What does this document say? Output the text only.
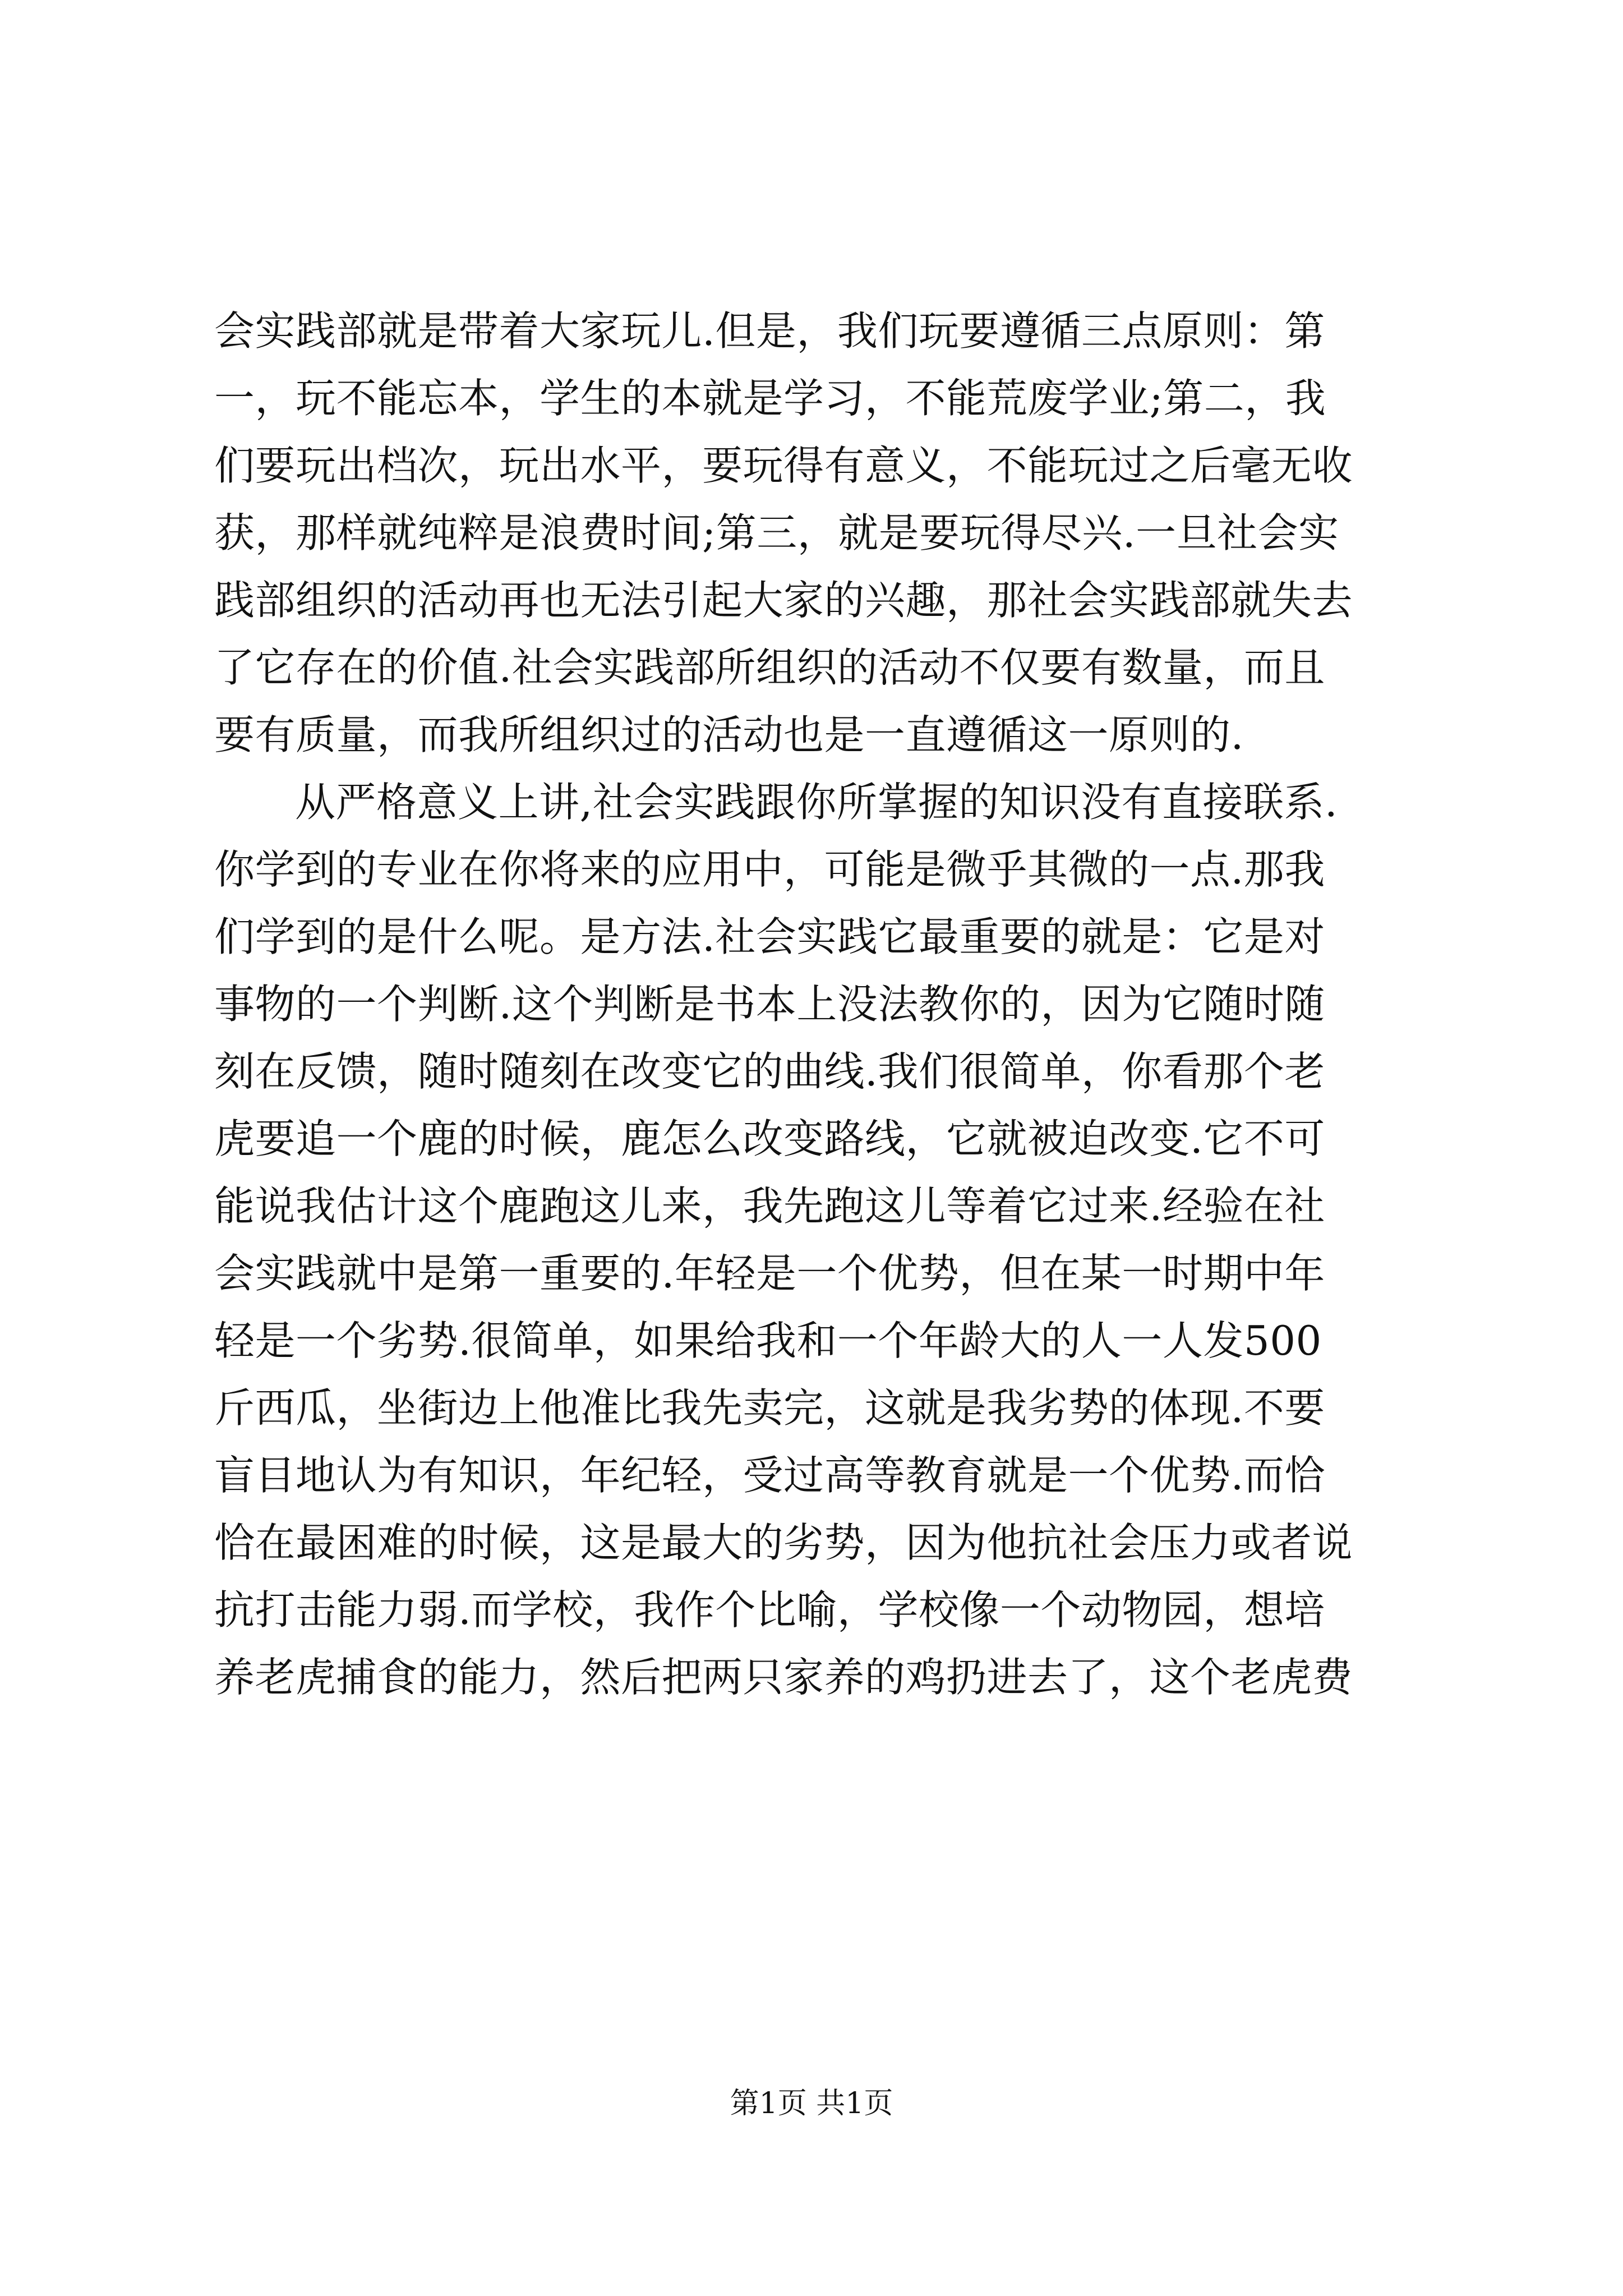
会实践部就是带着大家玩儿.但是，我们玩要遵循三点原则：第
一，玩不能忘本，学生的本就是学习，不能荒废学业;第二，我
们要玩出档次，玩出水平，要玩得有意义，不能玩过之后毫无收
获，那样就纯粹是浪费时间;第三，就是要玩得尽兴.一旦社会实
践部组织的活动再也无法引起大家的兴趣，那社会实践部就失去
了它存在的价值.社会实践部所组织的活动不仅要有数量，而且
要有质量，而我所组织过的活动也是一直遵循这一原则的.
从严格意义上讲,社会实践跟你所掌握的知识没有直接联系.
你学到的专业在你将来的应用中，可能是微乎其微的一点.那我
们学到的是什么呢。是方法.社会实践它最重要的就是：它是对
事物的一个判断.这个判断是书本上没法教你的，因为它随时随
刻在反馈，随时随刻在改变它的曲线.我们很简单，你看那个老
虎要追一个鹿的时候，鹿怎么改变路线，它就被迫改变.它不可
能说我估计这个鹿跑这儿来，我先跑这儿等着它过来.经验在社
会实践就中是第一重要的.年轻是一个优势，但在某一时期中年
轻是一个劣势.很简单，如果给我和一个年龄大的人一人发500
斤西瓜，坐街边上他准比我先卖完，这就是我劣势的体现.不要
盲目地认为有知识，年纪轻，受过高等教育就是一个优势.而恰
恰在最困难的时候，这是最大的劣势，因为他抗社会压力或者说
抗打击能力弱.而学校，我作个比喻，学校像一个动物园，想培
养老虎捕食的能力，然后把两只家养的鸡扔进去了，这个老虎费
第1页 共1页
